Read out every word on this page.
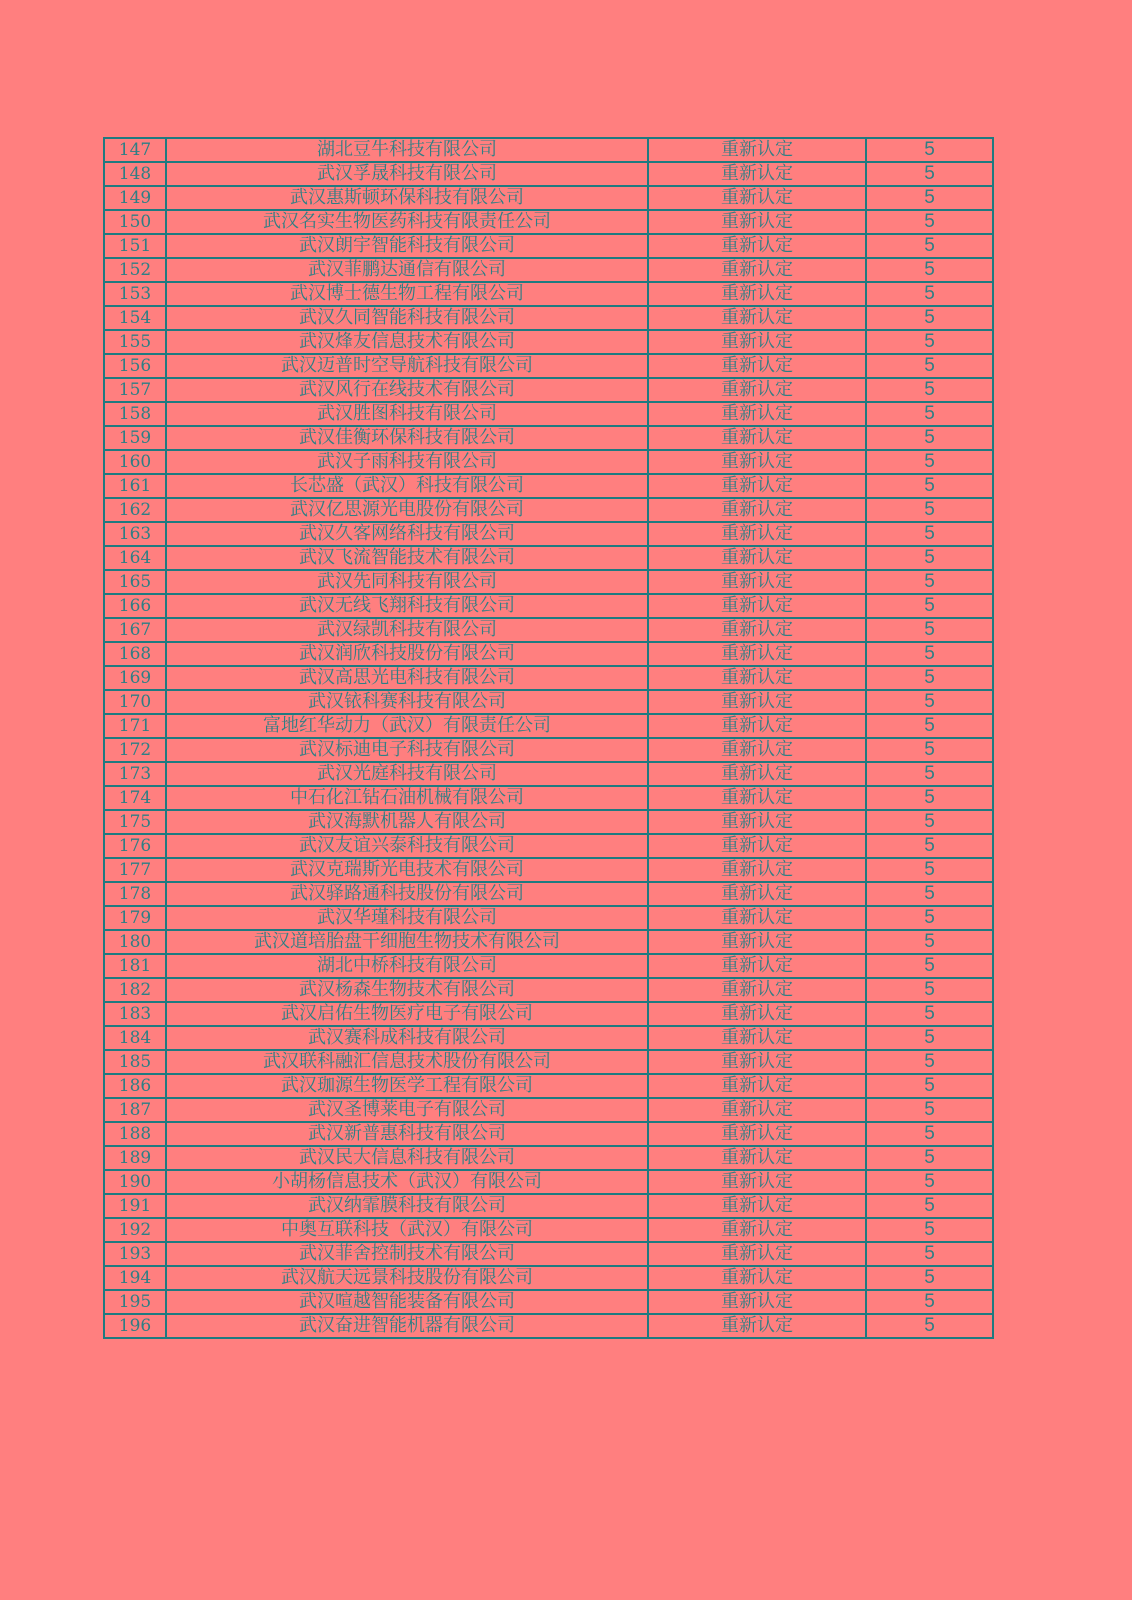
147	湖北豆牛科技有限公司	重新认定	5
148	武汉孚晟科技有限公司	重新认定	5
149	武汉惠斯顿环保科技有限公司	重新认定	5
150	武汉名实生物医药科技有限责任公司	重新认定	5
151	武汉朗宇智能科技有限公司	重新认定	5
152	武汉菲鹏达通信有限公司	重新认定	5
153	武汉博士德生物工程有限公司	重新认定	5
154	武汉久同智能科技有限公司	重新认定	5
155	武汉烽友信息技术有限公司	重新认定	5
156	武汉迈普时空导航科技有限公司	重新认定	5
157	武汉风行在线技术有限公司	重新认定	5
158	武汉胜图科技有限公司	重新认定	5
159	武汉佳衡环保科技有限公司	重新认定	5
160	武汉子雨科技有限公司	重新认定	5
161	长芯盛（武汉）科技有限公司	重新认定	5
162	武汉亿思源光电股份有限公司	重新认定	5
163	武汉久客网络科技有限公司	重新认定	5
164	武汉飞流智能技术有限公司	重新认定	5
165	武汉先同科技有限公司	重新认定	5
166	武汉无线飞翔科技有限公司	重新认定	5
167	武汉绿凯科技有限公司	重新认定	5
168	武汉润欣科技股份有限公司	重新认定	5
169	武汉高思光电科技有限公司	重新认定	5
170	武汉铱科赛科技有限公司	重新认定	5
171	富地红华动力（武汉）有限责任公司	重新认定	5
172	武汉标迪电子科技有限公司	重新认定	5
173	武汉光庭科技有限公司	重新认定	5
174	中石化江钻石油机械有限公司	重新认定	5
175	武汉海默机器人有限公司	重新认定	5
176	武汉友谊兴泰科技有限公司	重新认定	5
177	武汉克瑞斯光电技术有限公司	重新认定	5
178	武汉驿路通科技股份有限公司	重新认定	5
179	武汉华瑾科技有限公司	重新认定	5
180	武汉道培胎盘干细胞生物技术有限公司	重新认定	5
181	湖北中桥科技有限公司	重新认定	5
182	武汉杨森生物技术有限公司	重新认定	5
183	武汉启佑生物医疗电子有限公司	重新认定	5
184	武汉赛科成科技有限公司	重新认定	5
185	武汉联科融汇信息技术股份有限公司	重新认定	5
186	武汉珈源生物医学工程有限公司	重新认定	5
187	武汉圣博莱电子有限公司	重新认定	5
188	武汉新普惠科技有限公司	重新认定	5
189	武汉民大信息科技有限公司	重新认定	5
190	小胡杨信息技术（武汉）有限公司	重新认定	5
191	武汉纳霏膜科技有限公司	重新认定	5
192	中奥互联科技（武汉）有限公司	重新认定	5
193	武汉菲舍控制技术有限公司	重新认定	5
194	武汉航天远景科技股份有限公司	重新认定	5
195	武汉喧越智能装备有限公司	重新认定	5
196	武汉奋进智能机器有限公司	重新认定	5
